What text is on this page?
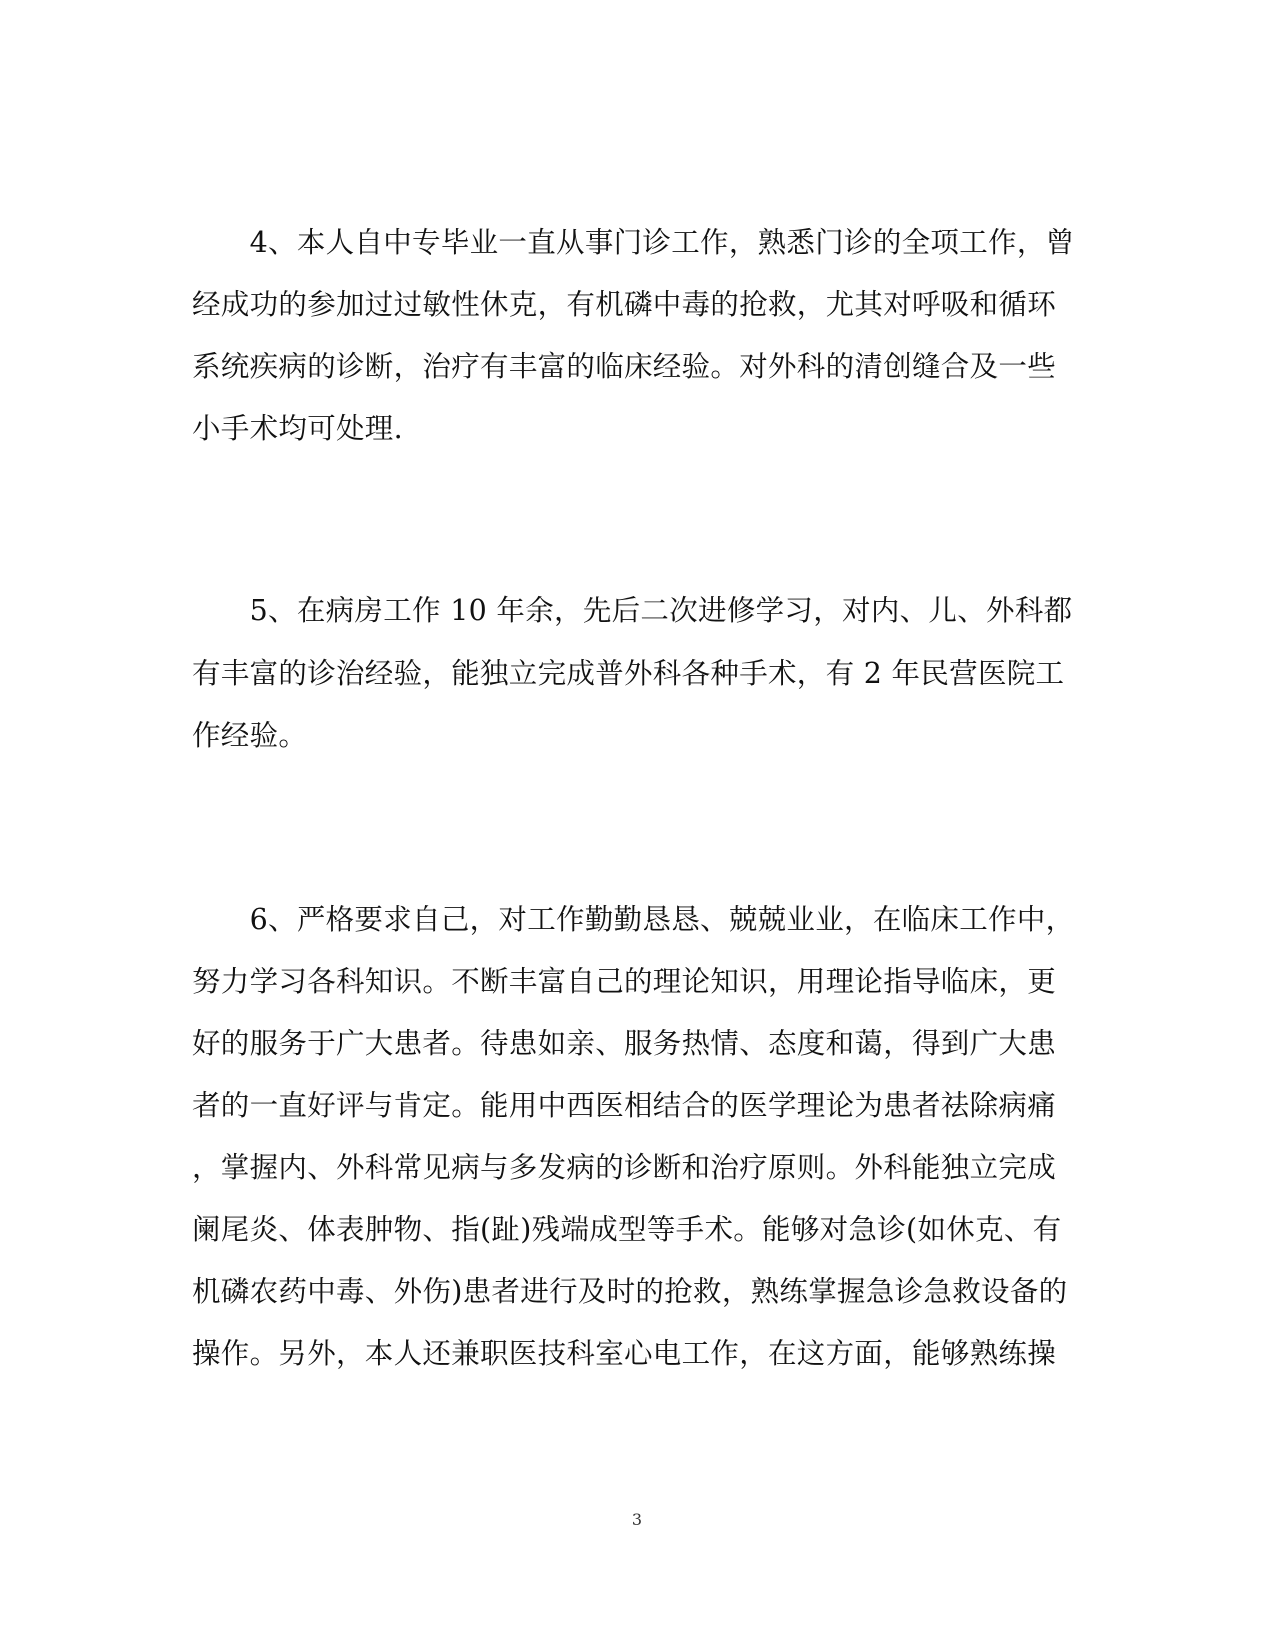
　　4、本人自中专毕业一直从事门诊工作，熟悉门诊的全项工作，曾
经成功的参加过过敏性休克，有机磷中毒的抢救，尤其对呼吸和循环
系统疾病的诊断，治疗有丰富的临床经验。对外科的清创缝合及一些
小手术均可处理.
　　5、在病房工作 10 年余，先后二次进修学习，对内、儿、外科都
有丰富的诊治经验，能独立完成普外科各种手术，有 2 年民营医院工
作经验。
　　6、严格要求自己，对工作勤勤恳恳、兢兢业业，在临床工作中，
努力学习各科知识。不断丰富自己的理论知识，用理论指导临床，更
好的服务于广大患者。待患如亲、服务热情、态度和蔼，得到广大患
者的一直好评与肯定。能用中西医相结合的医学理论为患者祛除病痛
，掌握内、外科常见病与多发病的诊断和治疗原则。外科能独立完成
阑尾炎、体表肿物、指(趾)残端成型等手术。能够对急诊(如休克、有
机磷农药中毒、外伤)患者进行及时的抢救，熟练掌握急诊急救设备的
操作。另外，本人还兼职医技科室心电工作，在这方面，能够熟练操
3
